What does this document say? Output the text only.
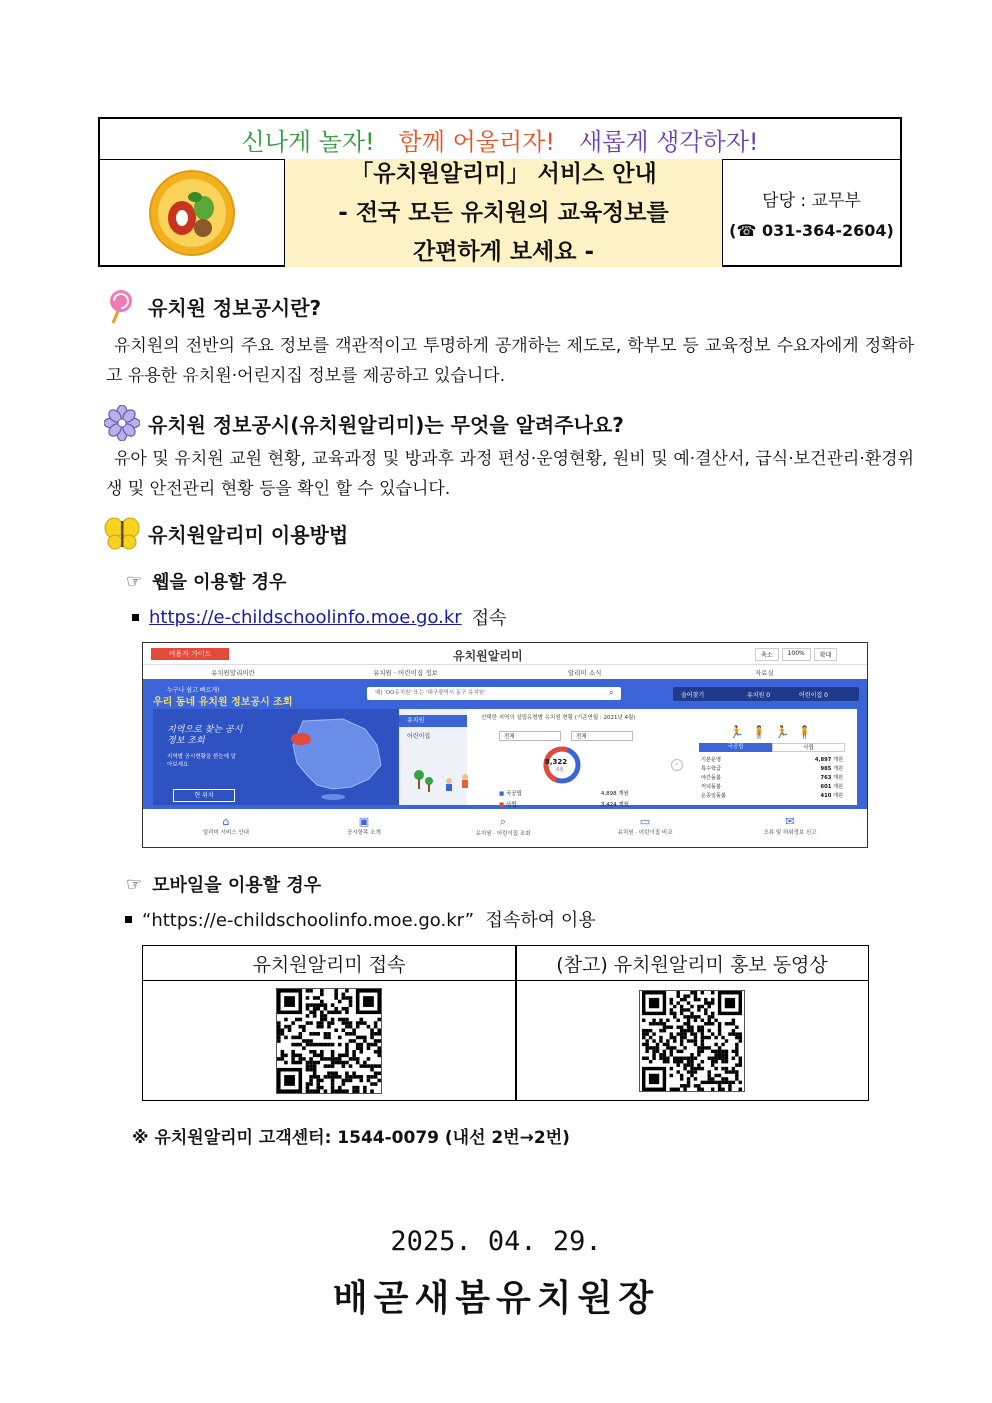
신나게 놀자! 함께 어울리자! 새롭게 생각하자!
「유치원알리미」 서비스 안내
- 전국 모든 유치원의 교육정보를
간편하게 보세요 -
담당 : 교무부
(☎ 031-364-2604)
유치원 정보공시란?
유치원의 전반의 주요 정보를 객관적이고 투명하게 공개하는 제도로, 학부모 등 교육정보 수요자에게 정확하고 유용한 유치원·어린지집 정보를 제공하고 있습니다.
유치원 정보공시(유치원알리미)는 무엇을 알려주나요?
유아 및 유치원 교원 현황, 교육과정 및 방과후 과정 편성·운영현황, 원비 및 예·결산서, 급식·보건관리·환경위생 및 안전관리 현황 등을 확인 할 수 있습니다.
유치원알리미 이용방법
☞ 웹을 이용할 경우
https://e-childschoolinfo.moe.go.kr 접속
이용자 가이드	유치원알리미	축소	100%	확대
유치원알리미란	유치원 · 어린이집 정보	알리미 소식	자료실
누구나 쉽고 빠르게!
우리 동네 유치원 정보공시 조회
예) 'OO유치원' 또는 '대구광역시 동구 유치원'	⌕	솔어찾기	유치원 0	어린이집 0
지역으로 찾는 공시정보 조회
지역별 공시현황을 한눈에 알아보세요
현 위치
유치원
어린이집
선택한 지역의 설립유형별 유치원 현황 (기준연월 : 2021년 4월)
전체	전체
8,322
개원
■ 국공립	4,898 개원
■ 사립	3,424 개원
›
🏃 🧍 🏃 🧍
국공립	사립
기본운영	4,897 개원
특수학급	985 개원
야간돌봄	763 개원
저녁돌봄	601 개원
온종일돌봄	410 개원
⌂
알리미 서비스 안내
▣
공시항목 소개
⌕
유치원 · 어린이집 조회
▭
유치원 · 어린이집 비교
✉
오류 및 허위정보 신고
☞ 모바일을 이용할 경우
“https://e-childschoolinfo.moe.go.kr”  접속하여 이용
유치원알리미 접속	(참고) 유치원알리미 홍보 동영상
※ 유치원알리미 고객센터: 1544-0079 (내선 2번→2번)
2025. 04. 29.
배곧새봄유치원장
